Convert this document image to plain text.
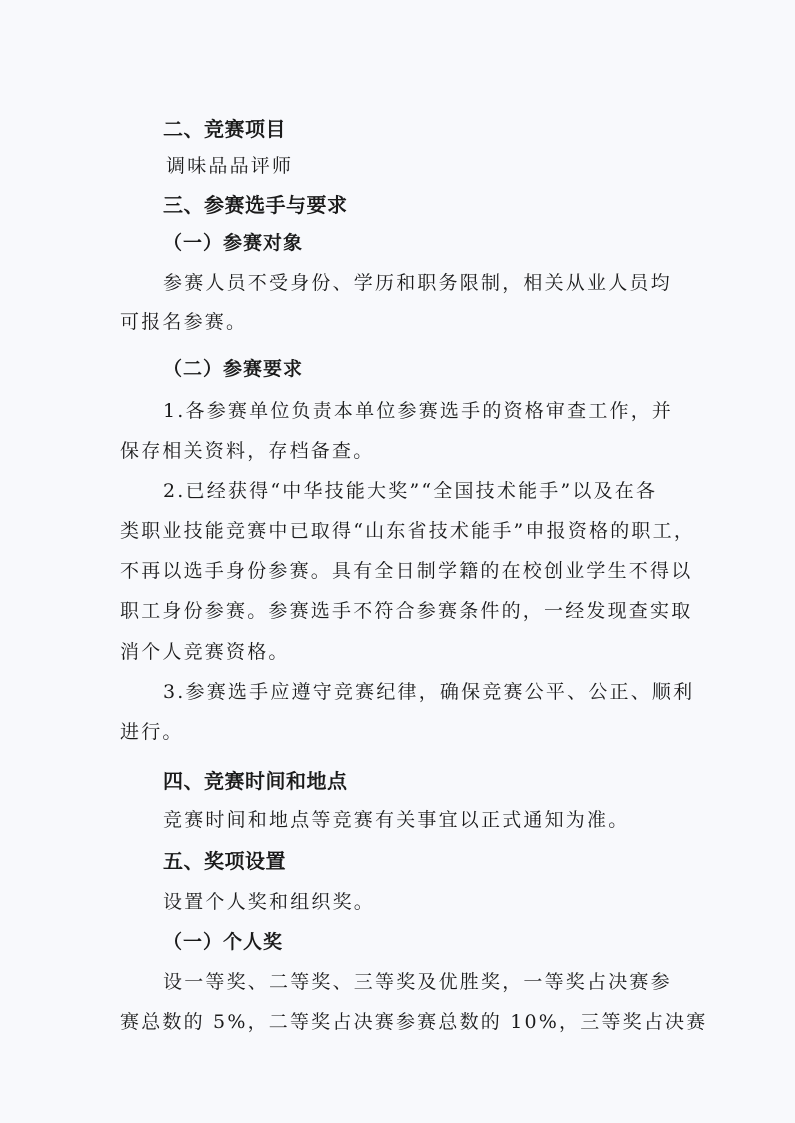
二、竞赛项目
调味品品评师
三、参赛选手与要求
（一）参赛对象
参赛人员不受身份、学历和职务限制，相关从业人员均
可报名参赛。
（二）参赛要求
1.各参赛单位负责本单位参赛选手的资格审查工作，并
保存相关资料，存档备查。
2.已经获得“中华技能大奖”“全国技术能手”以及在各
类职业技能竞赛中已取得“山东省技术能手”申报资格的职工，
不再以选手身份参赛。具有全日制学籍的在校创业学生不得以
职工身份参赛。参赛选手不符合参赛条件的，一经发现查实取
消个人竞赛资格。
3.参赛选手应遵守竞赛纪律，确保竞赛公平、公正、顺利
进行。
四、竞赛时间和地点
竞赛时间和地点等竞赛有关事宜以正式通知为准。
五、奖项设置
设置个人奖和组织奖。
（一）个人奖
设一等奖、二等奖、三等奖及优胜奖，一等奖占决赛参
赛总数的 5%，二等奖占决赛参赛总数的 10%，三等奖占决赛
